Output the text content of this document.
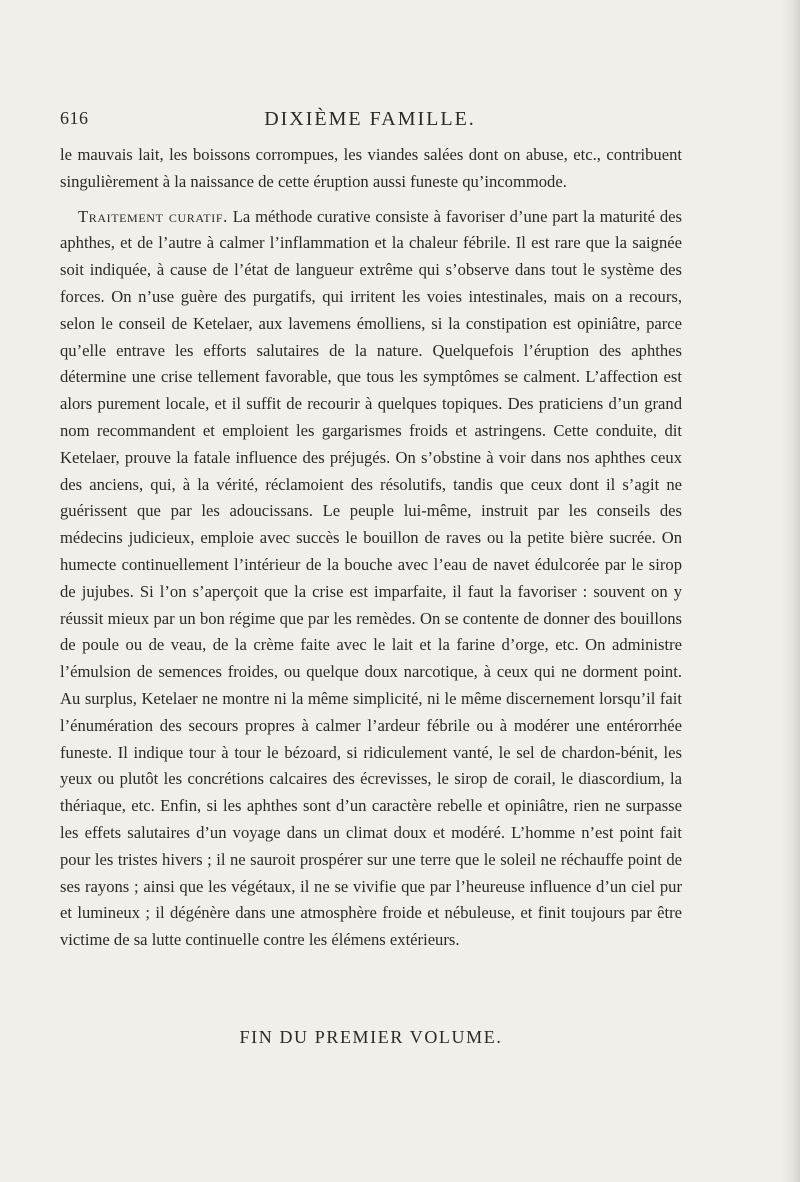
616	DIXIÈME FAMILLE.

le mauvais lait, les boissons corrompues, les viandes salées dont on abuse, etc., contribuent singulièrement à la naissance de cette éruption aussi funeste qu’incommode.

Traitement curatif. La méthode curative consiste à favoriser d’une part la maturité des aphthes, et de l’autre à calmer l’inflammation et la chaleur fébrile. Il est rare que la saignée soit indiquée, à cause de l’état de langueur extrême qui s’observe dans tout le système des forces. On n’use guère des purgatifs, qui irritent les voies intestinales, mais on a recours, selon le conseil de Ketelaer, aux lavemens émolliens, si la constipation est opiniâtre, parce qu’elle entrave les efforts salutaires de la nature. Quelquefois l’éruption des aphthes détermine une crise tellement favorable, que tous les symptômes se calment. L’affection est alors purement locale, et il suffit de recourir à quelques topiques. Des praticiens d’un grand nom recommandent et emploient les gargarismes froids et astringens. Cette conduite, dit Ketelaer, prouve la fatale influence des préjugés. On s’obstine à voir dans nos aphthes ceux des anciens, qui, à la vérité, réclamoient des résolutifs, tandis que ceux dont il s’agit ne guérissent que par les adoucissans. Le peuple lui-même, instruit par les conseils des médecins judicieux, emploie avec succès le bouillon de raves ou la petite bière sucrée. On humecte continuellement l’intérieur de la bouche avec l’eau de navet édulcorée par le sirop de jujubes. Si l’on s’aperçoit que la crise est imparfaite, il faut la favoriser : souvent on y réussit mieux par un bon régime que par les remèdes. On se contente de donner des bouillons de poule ou de veau, de la crème faite avec le lait et la farine d’orge, etc. On administre l’émulsion de semences froides, ou quelque doux narcotique, à ceux qui ne dorment point. Au surplus, Ketelaer ne montre ni la même simplicité, ni le même discernement lorsqu’il fait l’énumération des secours propres à calmer l’ardeur fébrile ou à modérer une entérorrhée funeste. Il indique tour à tour le bézoard, si ridiculement vanté, le sel de chardon-bénit, les yeux ou plutôt les concrétions calcaires des écrevisses, le sirop de corail, le diascordium, la thériaque, etc. Enfin, si les aphthes sont d’un caractère rebelle et opiniâtre, rien ne surpasse les effets salutaires d’un voyage dans un climat doux et modéré. L’homme n’est point fait pour les tristes hivers ; il ne sauroit prospérer sur une terre que le soleil ne réchauffe point de ses rayons ; ainsi que les végétaux, il ne se vivifie que par l’heureuse influence d’un ciel pur et lumineux ; il dégénère dans une atmosphère froide et nébuleuse, et finit toujours par être victime de sa lutte continuelle contre les élémens extérieurs.

FIN DU PREMIER VOLUME.
